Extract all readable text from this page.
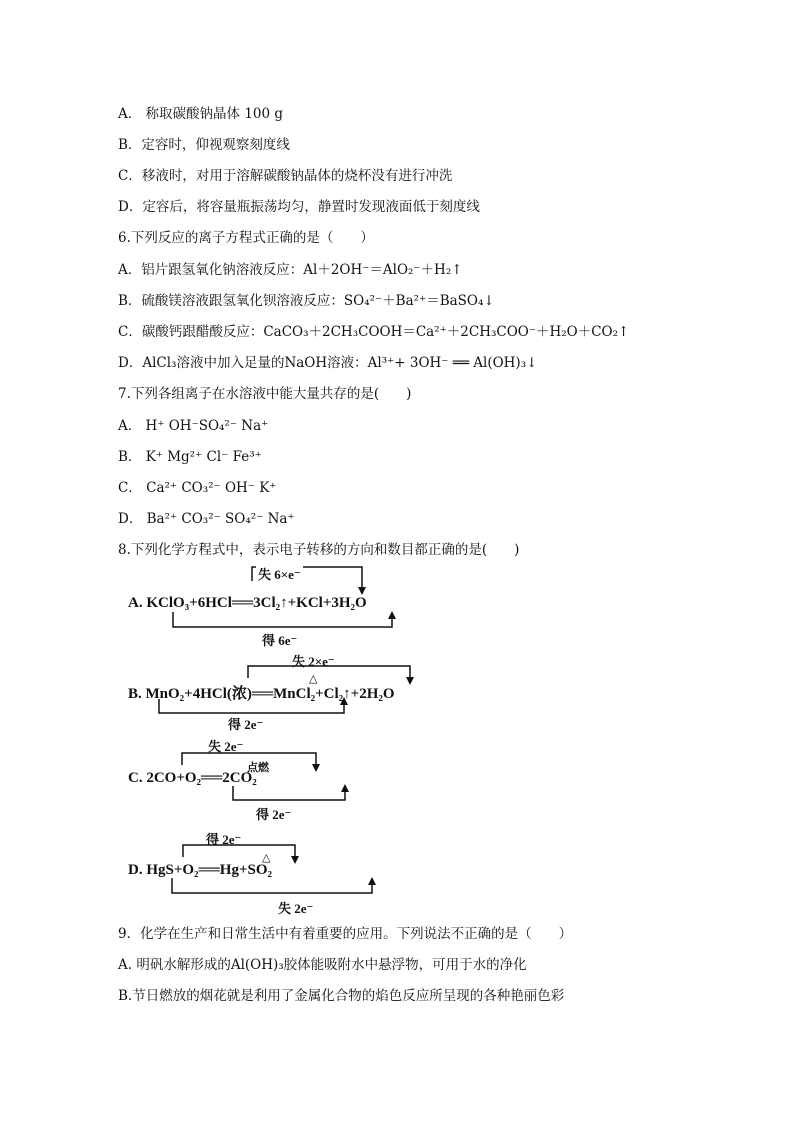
A． 称取碳酸钠晶体 100 g
B．定容时，仰视观察刻度线
C．移液时，对用于溶解碳酸钠晶体的烧杯没有进行冲洗
D．定容后，将容量瓶振荡均匀，静置时发现液面低于刻度线
6.下列反应的离子方程式正确的是（　　）
A．铝片跟氢氧化钠溶液反应：Al＋2OH⁻＝AlO₂⁻＋H₂↑
B．硫酸镁溶液跟氢氧化钡溶液反应：SO₄²⁻＋Ba²⁺＝BaSO₄↓
C．碳酸钙跟醋酸反应：CaCO₃＋2CH₃COOH＝Ca²⁺＋2CH₃COO⁻＋H₂O＋CO₂↑
D．AlCl₃溶液中加入足量的NaOH溶液：Al³⁺+ 3OH⁻ ══ Al(OH)₃↓
7.下列各组离子在水溶液中能大量共存的是(　　)
A． H⁺ OH⁻SO₄²⁻ Na⁺
B． K⁺ Mg²⁺ Cl⁻ Fe³⁺
C． Ca²⁺ CO₃²⁻ OH⁻ K⁺
D． Ba²⁺ CO₃²⁻ SO₄²⁻ Na⁺
8.下列化学方程式中，表示电子转移的方向和数目都正确的是(　　)
失 6×e⁻
A. KClO₃+6HCl══3Cl₂↑+KCl+3H₂O
得 6e⁻
失 2×e⁻
△
B. MnO₂+4HCl(浓)══MnCl₂+Cl₂↑+2H₂O
得 2e⁻
失 2e⁻
点燃
C. 2CO+O₂══2CO₂
得 2e⁻
得 2e⁻
△
D. HgS+O₂══Hg+SO₂
失 2e⁻
9．化学在生产和日常生活中有着重要的应用。下列说法不正确的是（　　）
A. 明矾水解形成的Al(OH)₃胶体能吸附水中悬浮物，可用于水的净化
B.节日燃放的烟花就是利用了金属化合物的焰色反应所呈现的各种艳丽色彩
